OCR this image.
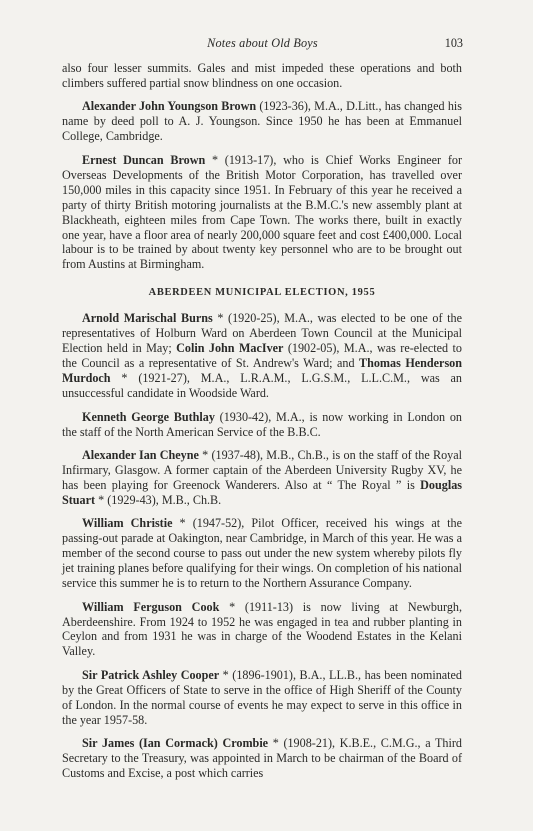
Notes about Old Boys	103

also four lesser summits. Gales and mist impeded these operations and both climbers suffered partial snow blindness on one occasion.

Alexander John Youngson Brown (1923-36), M.A., D.Litt., has changed his name by deed poll to A. J. Youngson. Since 1950 he has been at Emmanuel College, Cambridge.

Ernest Duncan Brown * (1913-17), who is Chief Works Engineer for Overseas Developments of the British Motor Corporation, has travelled over 150,000 miles in this capacity since 1951. In February of this year he received a party of thirty British motoring journalists at the B.M.C.'s new assembly plant at Blackheath, eighteen miles from Cape Town. The works there, built in exactly one year, have a floor area of nearly 200,000 square feet and cost £400,000. Local labour is to be trained by about twenty key personnel who are to be brought out from Austins at Birmingham.

ABERDEEN MUNICIPAL ELECTION, 1955

Arnold Marischal Burns * (1920-25), M.A., was elected to be one of the representatives of Holburn Ward on Aberdeen Town Council at the Municipal Election held in May; Colin John MacIver (1902-05), M.A., was re-elected to the Council as a representative of St. Andrew's Ward; and Thomas Henderson Murdoch * (1921-27), M.A., L.R.A.M., L.G.S.M., L.L.C.M., was an unsuccessful candidate in Woodside Ward.

Kenneth George Buthlay (1930-42), M.A., is now working in London on the staff of the North American Service of the B.B.C.

Alexander Ian Cheyne * (1937-48), M.B., Ch.B., is on the staff of the Royal Infirmary, Glasgow. A former captain of the Aberdeen University Rugby XV, he has been playing for Greenock Wanderers. Also at “ The Royal ” is Douglas Stuart * (1929-43), M.B., Ch.B.

William Christie * (1947-52), Pilot Officer, received his wings at the passing-out parade at Oakington, near Cambridge, in March of this year. He was a member of the second course to pass out under the new system whereby pilots fly jet training planes before qualifying for their wings. On completion of his national service this summer he is to return to the Northern Assurance Company.

William Ferguson Cook * (1911-13) is now living at Newburgh, Aberdeenshire. From 1924 to 1952 he was engaged in tea and rubber planting in Ceylon and from 1931 he was in charge of the Woodend Estates in the Kelani Valley.

Sir Patrick Ashley Cooper * (1896-1901), B.A., LL.B., has been nominated by the Great Officers of State to serve in the office of High Sheriff of the County of London. In the normal course of events he may expect to serve in this office in the year 1957-58.

Sir James (Ian Cormack) Crombie * (1908-21), K.B.E., C.M.G., a Third Secretary to the Treasury, was appointed in March to be chairman of the Board of Customs and Excise, a post which carries
